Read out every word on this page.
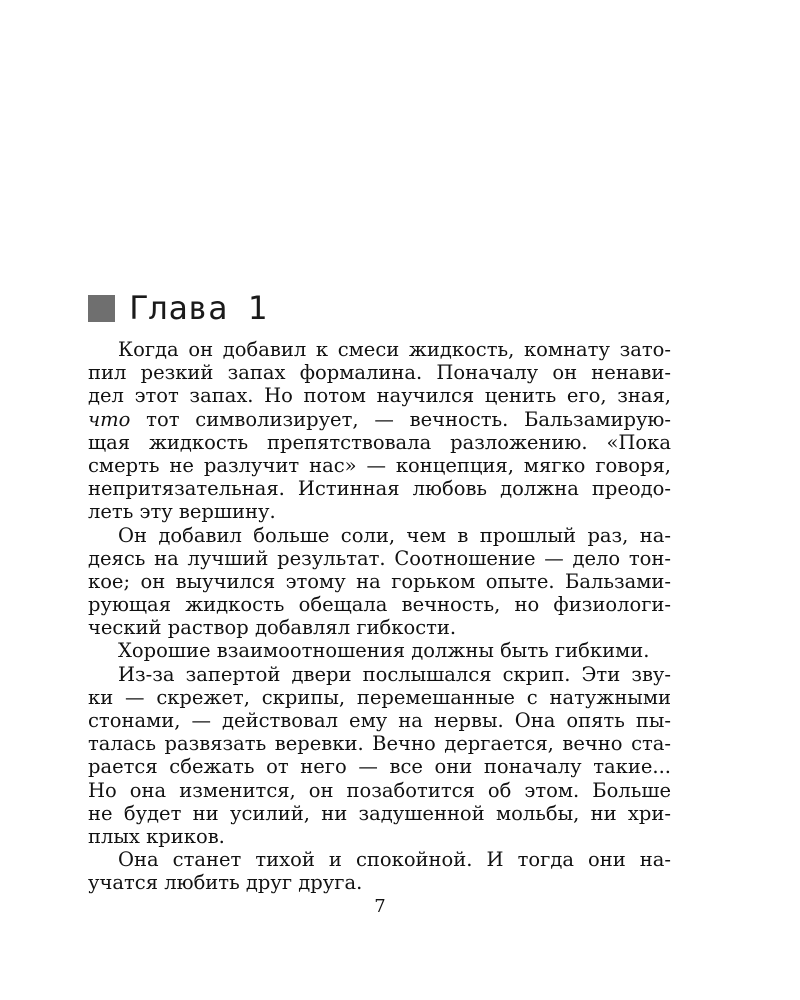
Глава 1
Когда он добавил к смеси жидкость, комнату зато-
пил резкий запах формалина. Поначалу он ненави-
дел этот запах. Но потом научился ценить его, зная,
что тот символизирует, — вечность. Бальзамирую-
щая жидкость препятствовала разложению. «Пока
смерть не разлучит нас» — концепция, мягко говоря,
непритязательная. Истинная любовь должна преодо-
леть эту вершину.
Он добавил больше соли, чем в прошлый раз, на-
деясь на лучший результат. Соотношение — дело тон-
кое; он выучился этому на горьком опыте. Бальзами-
рующая жидкость обещала вечность, но физиологи-
ческий раствор добавлял гибкости.
Хорошие взаимоотношения должны быть гибкими.
Из-за запертой двери послышался скрип. Эти зву-
ки — скрежет, скрипы, перемешанные с натужными
стонами, — действовал ему на нервы. Она опять пы-
талась развязать веревки. Вечно дергается, вечно ста-
рается сбежать от него — все они поначалу такие...
Но она изменится, он позаботится об этом. Больше
не будет ни усилий, ни задушенной мольбы, ни хри-
плых криков.
Она станет тихой и спокойной. И тогда они на-
учатся любить друг друга.
7
